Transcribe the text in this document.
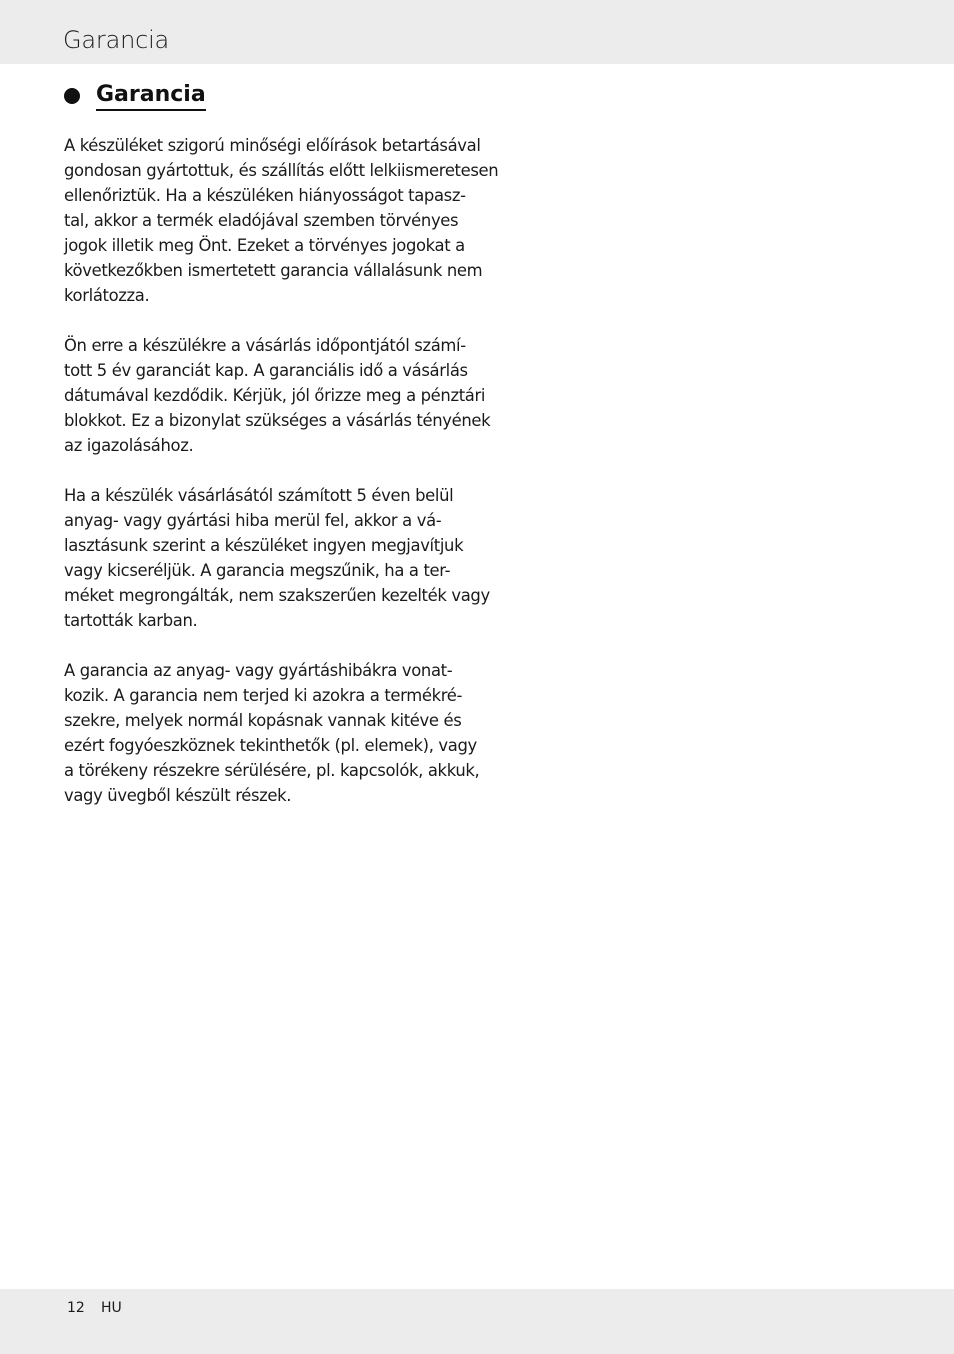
Garancia
Garancia

A készüléket szigorú minőségi előírások betartásával
gondosan gyártottuk, és szállítás előtt lelkiismeretesen
ellenőriztük. Ha a készüléken hiányosságot tapasz-
tal, akkor a termék eladójával szemben törvényes
jogok illetik meg Önt. Ezeket a törvényes jogokat a
következőkben ismertetett garancia vállalásunk nem
korlátozza.

Ön erre a készülékre a vásárlás időpontjától számí-
tott 5 év garanciát kap. A garanciális idő a vásárlás
dátumával kezdődik. Kérjük, jól őrizze meg a pénztári
blokkot. Ez a bizonylat szükséges a vásárlás tényének
az igazolásához.

Ha a készülék vásárlásától számított 5 éven belül
anyag- vagy gyártási hiba merül fel, akkor a vá-
lasztásunk szerint a készüléket ingyen megjavítjuk
vagy kicseréljük. A garancia megszűnik, ha a ter-
méket megrongálták, nem szakszerűen kezelték vagy
tartották karban.

A garancia az anyag- vagy gyártáshibákra vonat-
kozik. A garancia nem terjed ki azokra a termékré-
szekre, melyek normál kopásnak vannak kitéve és
ezért fogyóeszköznek tekinthetők (pl. elemek), vagy
a törékeny részekre sérülésére, pl. kapcsolók, akkuk,
vagy üvegből készült részek.

12 HU
